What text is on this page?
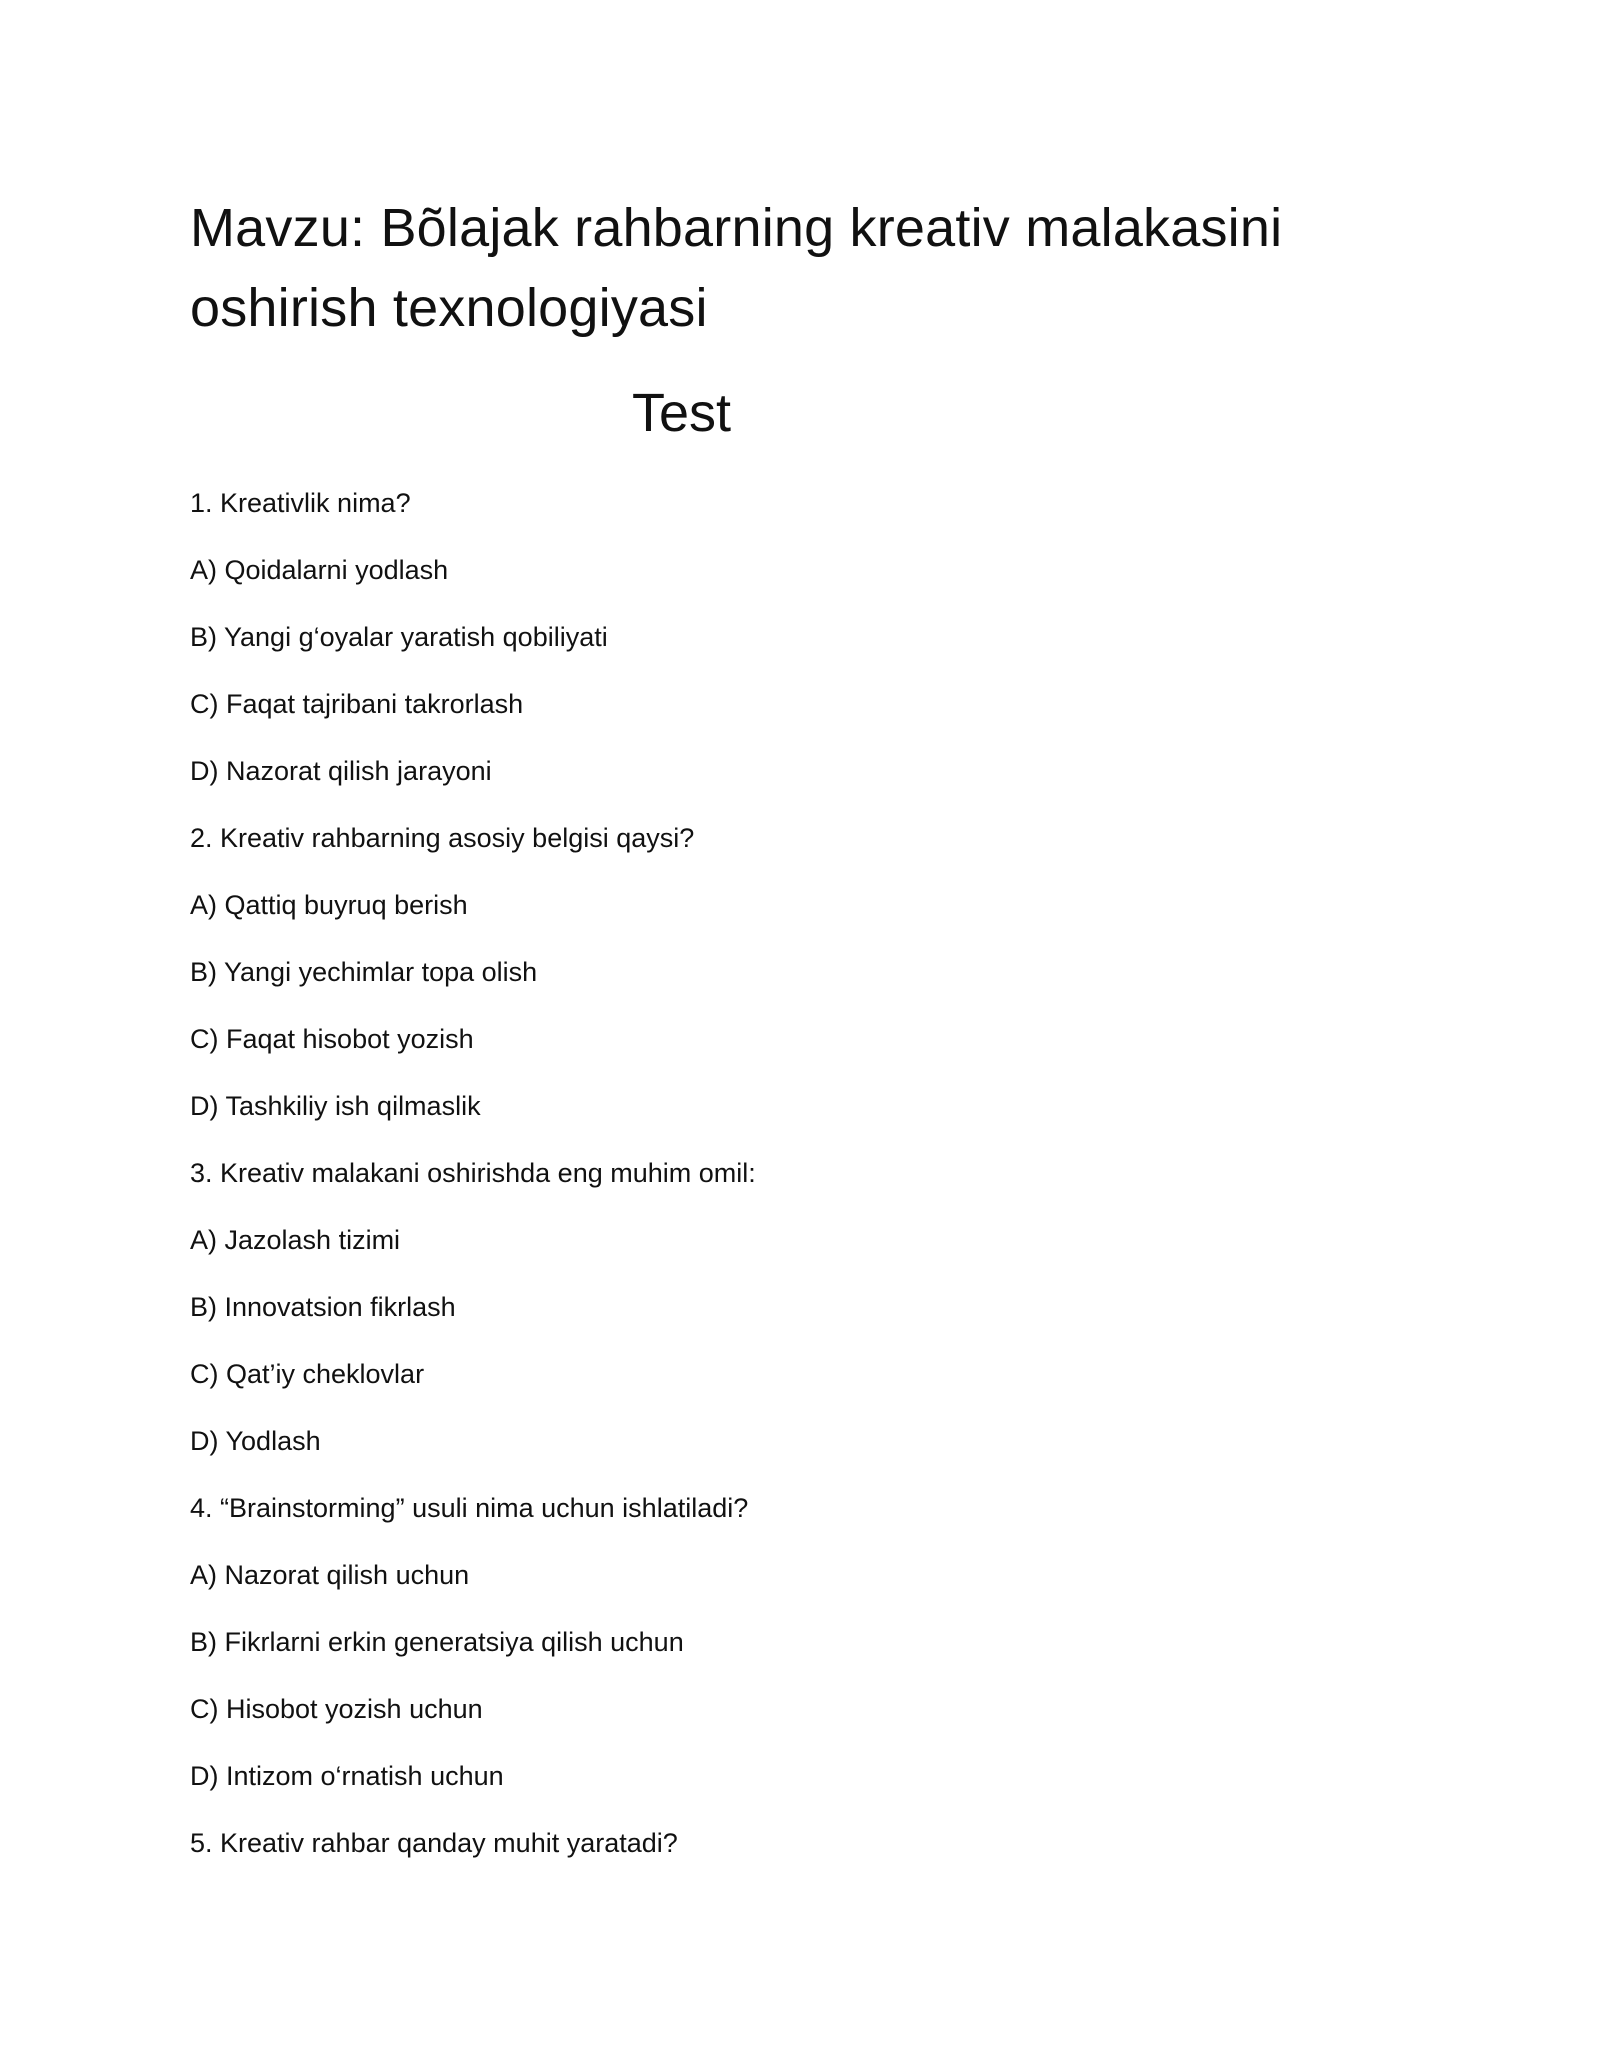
Mavzu: Bõlajak rahbarning kreativ malakasini
oshirish texnologiyasi
Test
1. Kreativlik nima?
A) Qoidalarni yodlash
B) Yangi g‘oyalar yaratish qobiliyati
C) Faqat tajribani takrorlash
D) Nazorat qilish jarayoni
2. Kreativ rahbarning asosiy belgisi qaysi?
A) Qattiq buyruq berish
B) Yangi yechimlar topa olish
C) Faqat hisobot yozish
D) Tashkiliy ish qilmaslik
3. Kreativ malakani oshirishda eng muhim omil:
A) Jazolash tizimi
B) Innovatsion fikrlash
C) Qat’iy cheklovlar
D) Yodlash
4. “Brainstorming” usuli nima uchun ishlatiladi?
A) Nazorat qilish uchun
B) Fikrlarni erkin generatsiya qilish uchun
C) Hisobot yozish uchun
D) Intizom o‘rnatish uchun
5. Kreativ rahbar qanday muhit yaratadi?
